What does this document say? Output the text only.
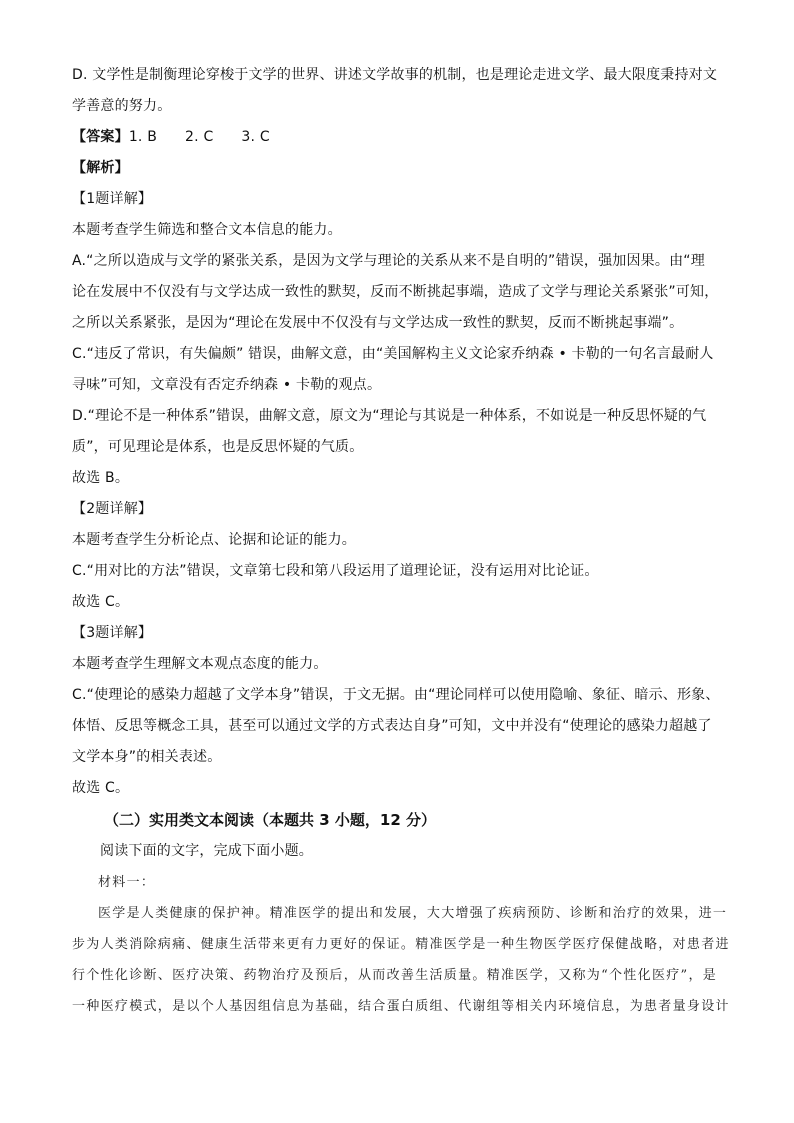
D. 文学性是制衡理论穿梭于文学的世界、讲述文学故事的机制，也是理论走进文学、最大限度秉持对文
学善意的努力。
【答案】1. B 2. C 3. C
【解析】
【1题详解】
本题考查学生筛选和整合文本信息的能力。
A.“之所以造成与文学的紧张关系，是因为文学与理论的关系从来不是自明的”错误，强加因果。由“理
论在发展中不仅没有与文学达成一致性的默契，反而不断挑起事端，造成了文学与理论关系紧张”可知，
之所以关系紧张，是因为“理论在发展中不仅没有与文学达成一致性的默契，反而不断挑起事端”。
C.“违反了常识，有失偏颇” 错误，曲解文意，由“美国解构主义文论家乔纳森 • 卡勒的一句名言最耐人
寻味”可知，文章没有否定乔纳森 • 卡勒的观点。
D.“理论不是一种体系”错误，曲解文意，原文为“理论与其说是一种体系，不如说是一种反思怀疑的气
质”，可见理论是体系，也是反思怀疑的气质。
故选 B。
【2题详解】
本题考查学生分析论点、论据和论证的能力。
C.“用对比的方法”错误，文章第七段和第八段运用了道理论证，没有运用对比论证。
故选 C。
【3题详解】
本题考查学生理解文本观点态度的能力。
C.“使理论的感染力超越了文学本身”错误，于文无据。由“理论同样可以使用隐喻、象征、暗示、形象、
体悟、反思等概念工具，甚至可以通过文学的方式表达自身”可知，文中并没有“使理论的感染力超越了
文学本身”的相关表述。
故选 C。
（二）实用类文本阅读（本题共 3 小题，12 分）
阅读下面的文字，完成下面小题。
材料一：
医学是人类健康的保护神。精准医学的提出和发展，大大增强了疾病预防、诊断和治疗的效果，进一
步为人类消除病痛、健康生活带来更有力更好的保证。精准医学是一种生物医学医疗保健战略，对患者进
行个性化诊断、医疗决策、药物治疗及预后，从而改善生活质量。精准医学，又称为“个性化医疗”，是
一种医疗模式，是以个人基因组信息为基础，结合蛋白质组、代谢组等相关内环境信息，为患者量身设计
